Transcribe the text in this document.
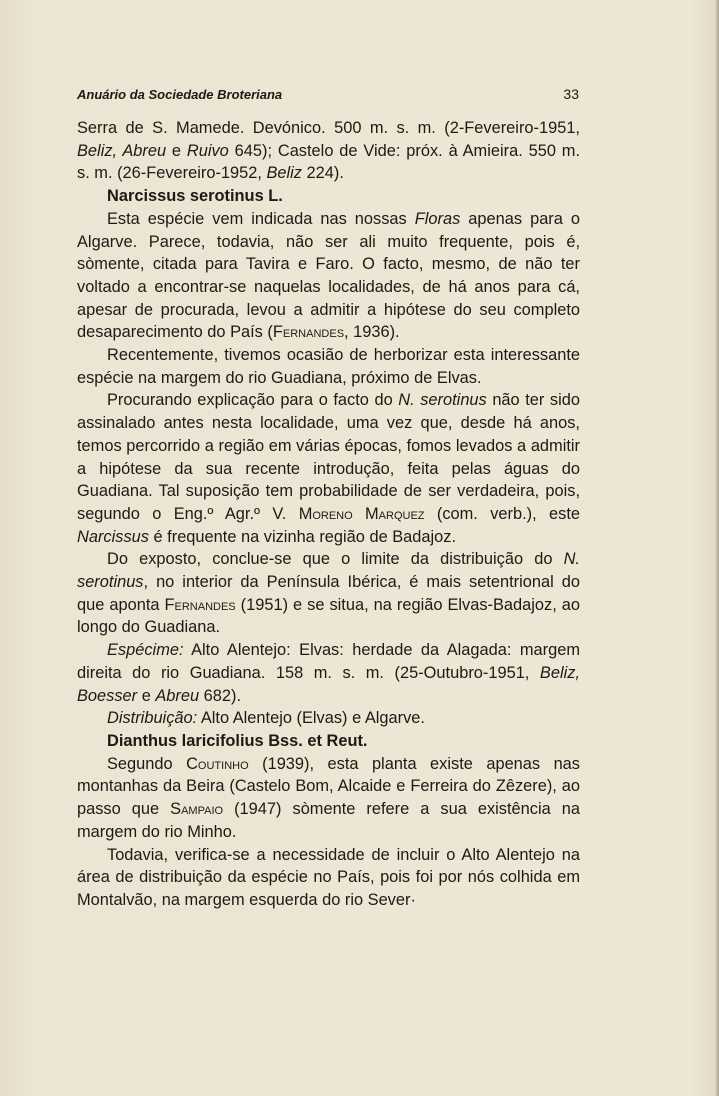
Anuário da Sociedade Broteriana	33

Serra de S. Mamede. Devónico. 500 m. s. m. (2-Fevereiro-1951, Beliz, Abreu e Ruivo 645); Castelo de Vide: próx. à Amieira. 550 m. s. m. (26-Fevereiro-1952, Beliz 224).

Narcissus serotinus L.

Esta espécie vem indicada nas nossas Floras apenas para o Algarve. Parece, todavia, não ser ali muito frequente, pois é, sòmente, citada para Tavira e Faro. O facto, mesmo, de não ter voltado a encontrar-se naquelas localidades, de há anos para cá, apesar de procurada, levou a admitir a hipótese do seu completo desaparecimento do País (Fernandes, 1936).

Recentemente, tivemos ocasião de herborizar esta interessante espécie na margem do rio Guadiana, próximo de Elvas.

Procurando explicação para o facto do N. serotinus não ter sido assinalado antes nesta localidade, uma vez que, desde há anos, temos percorrido a região em várias épocas, fomos levados a admitir a hipótese da sua recente introdução, feita pelas águas do Guadiana. Tal suposição tem probabilidade de ser verdadeira, pois, segundo o Eng.º Agr.º V. Moreno Marquez (com. verb.), este Narcissus é frequente na vizinha região de Badajoz.

Do exposto, conclue-se que o limite da distribuição do N. serotinus, no interior da Península Ibérica, é mais setentrional do que aponta Fernandes (1951) e se situa, na região Elvas-Badajoz, ao longo do Guadiana.

Espécime: Alto Alentejo: Elvas: herdade da Alagada: margem direita do rio Guadiana. 158 m. s. m. (25-Outubro-1951, Beliz, Boesser e Abreu 682).

Distribuição: Alto Alentejo (Elvas) e Algarve.

Dianthus laricifolius Bss. et Reut.

Segundo Coutinho (1939), esta planta existe apenas nas montanhas da Beira (Castelo Bom, Alcaide e Ferreira do Zêzere), ao passo que Sampaio (1947) sòmente refere a sua existência na margem do rio Minho.

Todavia, verifica-se a necessidade de incluir o Alto Alentejo na área de distribuição da espécie no País, pois foi por nós colhida em Montalvão, na margem esquerda do rio Sever·
